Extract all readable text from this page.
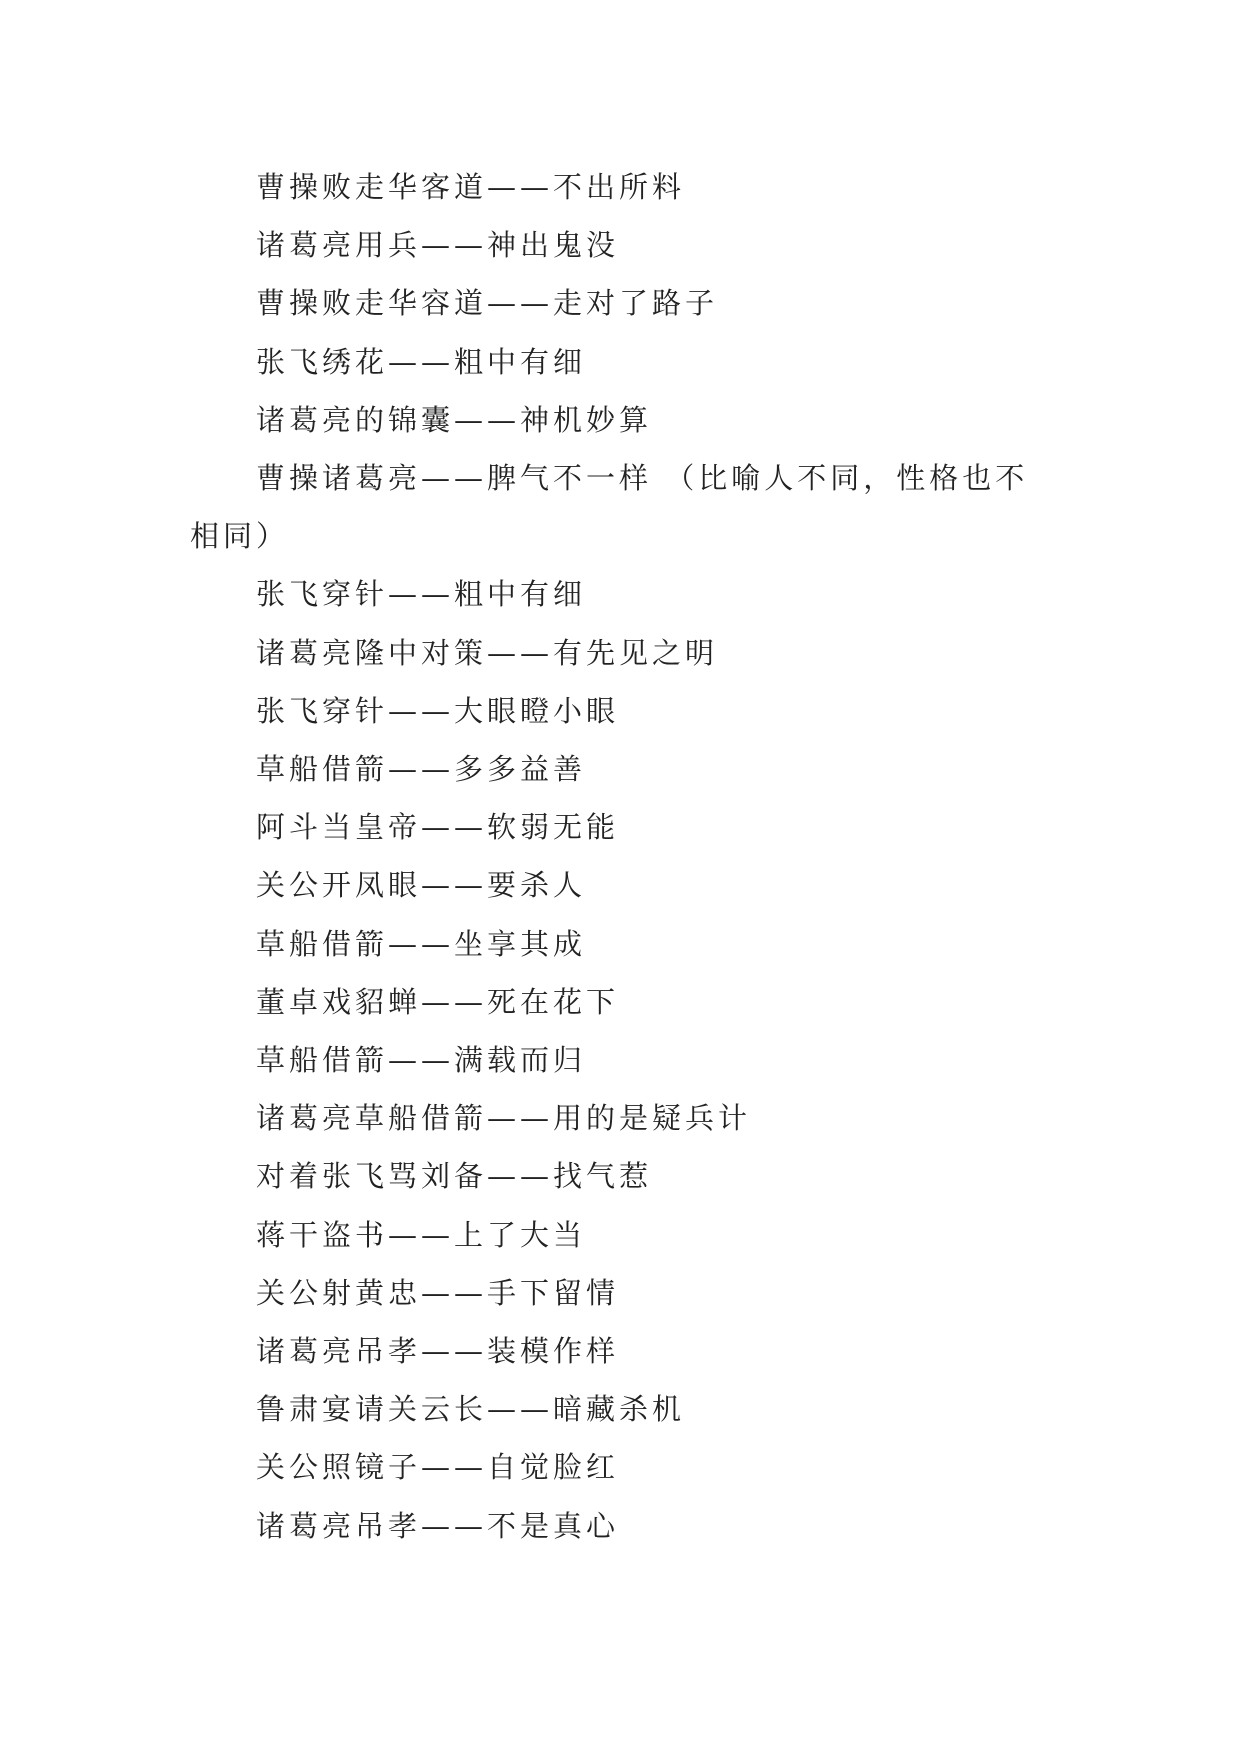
曹操败走华客道——不出所料

诸葛亮用兵——神出鬼没

曹操败走华容道——走对了路子

张飞绣花——粗中有细

诸葛亮的锦囊——神机妙算

曹操诸葛亮——脾气不一样 （比喻人不同，性格也不相同）

张飞穿针——粗中有细

诸葛亮隆中对策——有先见之明

张飞穿针——大眼瞪小眼

草船借箭——多多益善

阿斗当皇帝——软弱无能

关公开凤眼——要杀人

草船借箭——坐享其成

董卓戏貂蝉——死在花下

草船借箭——满载而归

诸葛亮草船借箭——用的是疑兵计

对着张飞骂刘备——找气惹

蒋干盗书——上了大当

关公射黄忠——手下留情

诸葛亮吊孝——装模作样

鲁肃宴请关云长——暗藏杀机

关公照镜子——自觉脸红

诸葛亮吊孝——不是真心
